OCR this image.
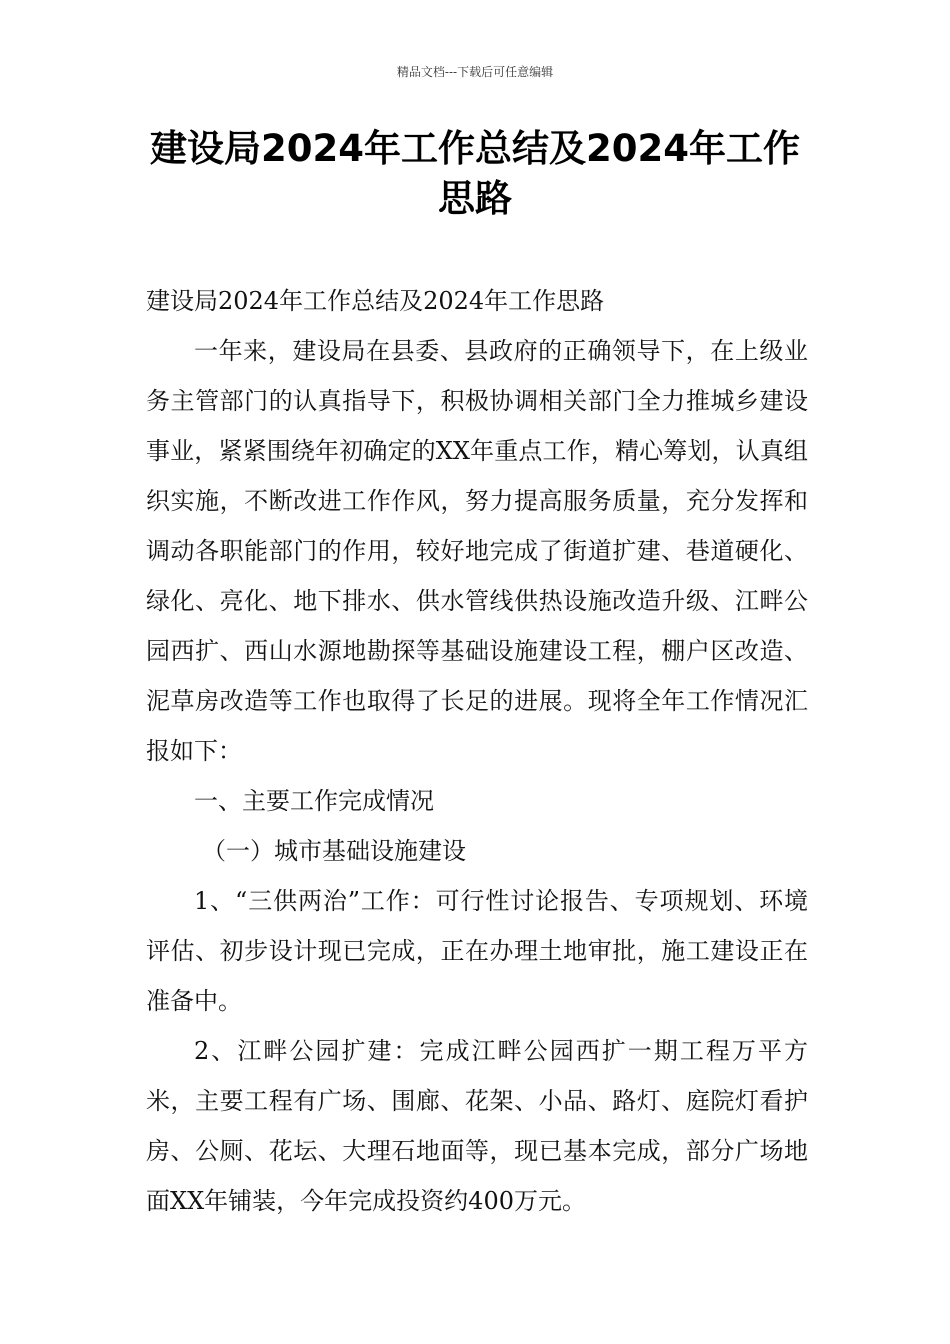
精品文档---下载后可任意编辑
建设局2024年工作总结及2024年工作
思路

建设局2024年工作总结及2024年工作思路

一年来，建设局在县委、县政府的正确领导下，在上级业务主管部门的认真指导下，积极协调相关部门全力推城乡建设事业，紧紧围绕年初确定的XX年重点工作，精心筹划，认真组织实施，不断改进工作作风，努力提高服务质量，充分发挥和调动各职能部门的作用，较好地完成了街道扩建、巷道硬化、绿化、亮化、地下排水、供水管线供热设施改造升级、江畔公园西扩、西山水源地勘探等基础设施建设工程，棚户区改造、泥草房改造等工作也取得了长足的进展。现将全年工作情况汇报如下：

一、主要工作完成情况

（一）城市基础设施建设

1、“三供两治”工作：可行性讨论报告、专项规划、环境评估、初步设计现已完成，正在办理土地审批，施工建设正在准备中。

2、江畔公园扩建：完成江畔公园西扩一期工程万平方米，主要工程有广场、围廊、花架、小品、路灯、庭院灯看护房、公厕、花坛、大理石地面等，现已基本完成，部分广场地面XX年铺装，今年完成投资约400万元。
